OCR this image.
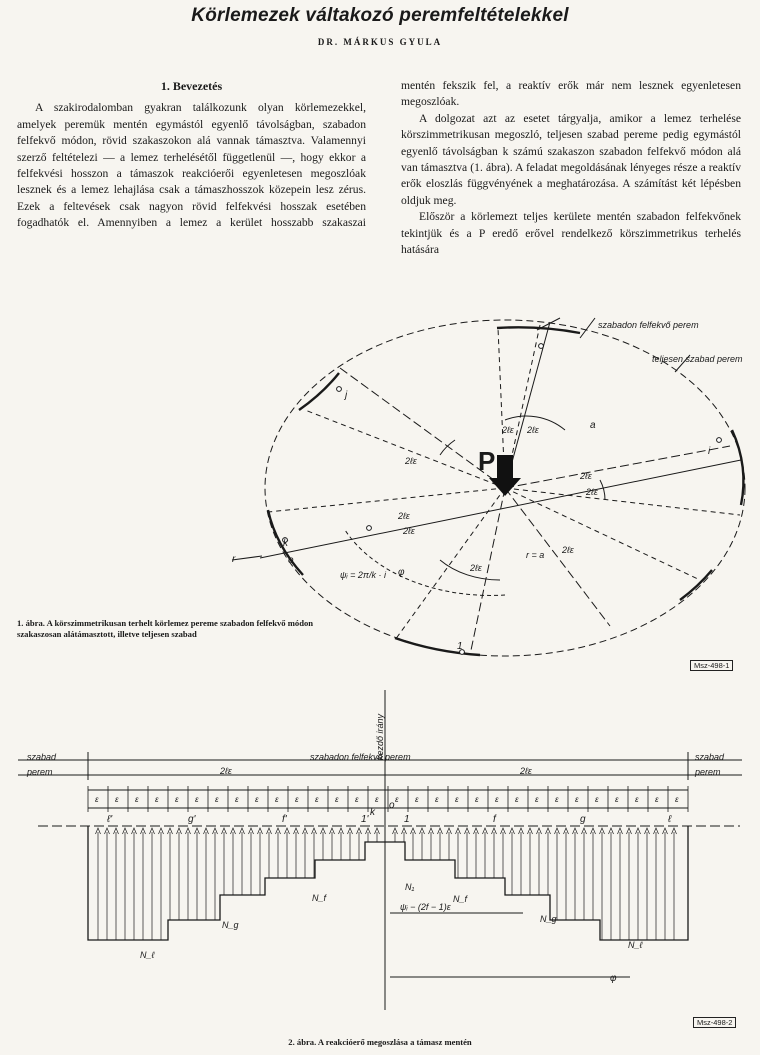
Körlemezek váltakozó peremfeltételekkel
DR. MÁRKUS GYULA

1. Bevezetés

A szakirodalomban gyakran találkozunk olyan körlemezekkel, amelyek peremük mentén egymástól egyenlő távolságban, szabadon felfekvő módon, rövid szakaszokon alá vannak támasztva. Valamennyi szerző feltételezi — a lemez terhelésétől függetlenül —, hogy ekkor a felfekvési hosszon a támaszok reakcióerői egyenletesen megoszlóak lesznek és a lemez lehajlása csak a támaszhosszok közepein lesz zérus. Ezek a feltevések csak nagyon rövid felfekvési hosszak esetében fogadhatók el. Amennyiben a lemez a kerület hosszabb szakaszai

mentén fekszik fel, a reaktív erők már nem lesznek egyenletesen megoszlóak.

A dolgozat azt az esetet tárgyalja, amikor a lemez terhelése körszimmetrikusan megoszló, teljesen szabad pereme pedig egymástól egyenlő távolságban k számú szakaszon szabadon felfekvő módon alá van támasztva (1. ábra). A feladat megoldásának lényeges része a reaktív erők eloszlás függvényének a meghatározása. A számítást két lépésben oldjuk meg.

Először a körlemezt teljes kerülete mentén szabadon felfekvőnek tekintjük és a P eredő erővel rendelkező körszimmetrikus terhelés hatására

szabadon felfekvő perem
teljesen szabad perem
P
2ℓε 2ℓε
2ℓε
2ℓε
2ℓε
2ℓε
2ℓε
2ℓε
2ℓε
a
r	r = a
φ
ψᵢ = 2π/k · i
k
o
i
j
1
1. ábra. A körszimmetrikusan terhelt körlemez pereme szabadon felfekvő módon szakaszosan alátámasztott, illetve teljesen szabad
Msz-498-1
ε ε ε ε ε ε ε ε ε ε ε ε ε ε ε ε ε ε ε ε ε ε ε ε ε ε ε ε ε ε
kezdő irány
szabad
perem
szabad
perem
szabadon felfekvő perem
2ℓε	2ℓε
k
o
φ
ψᵢ − (2f − 1)ε
ℓ'	g'	f'	1'	1	f	g	ℓ
N₁
N_f
N_f
N_g
N_g
N_ℓ
N_ℓ
2. ábra. A reakcióerő megoszlása a támasz mentén
Msz-498-2
